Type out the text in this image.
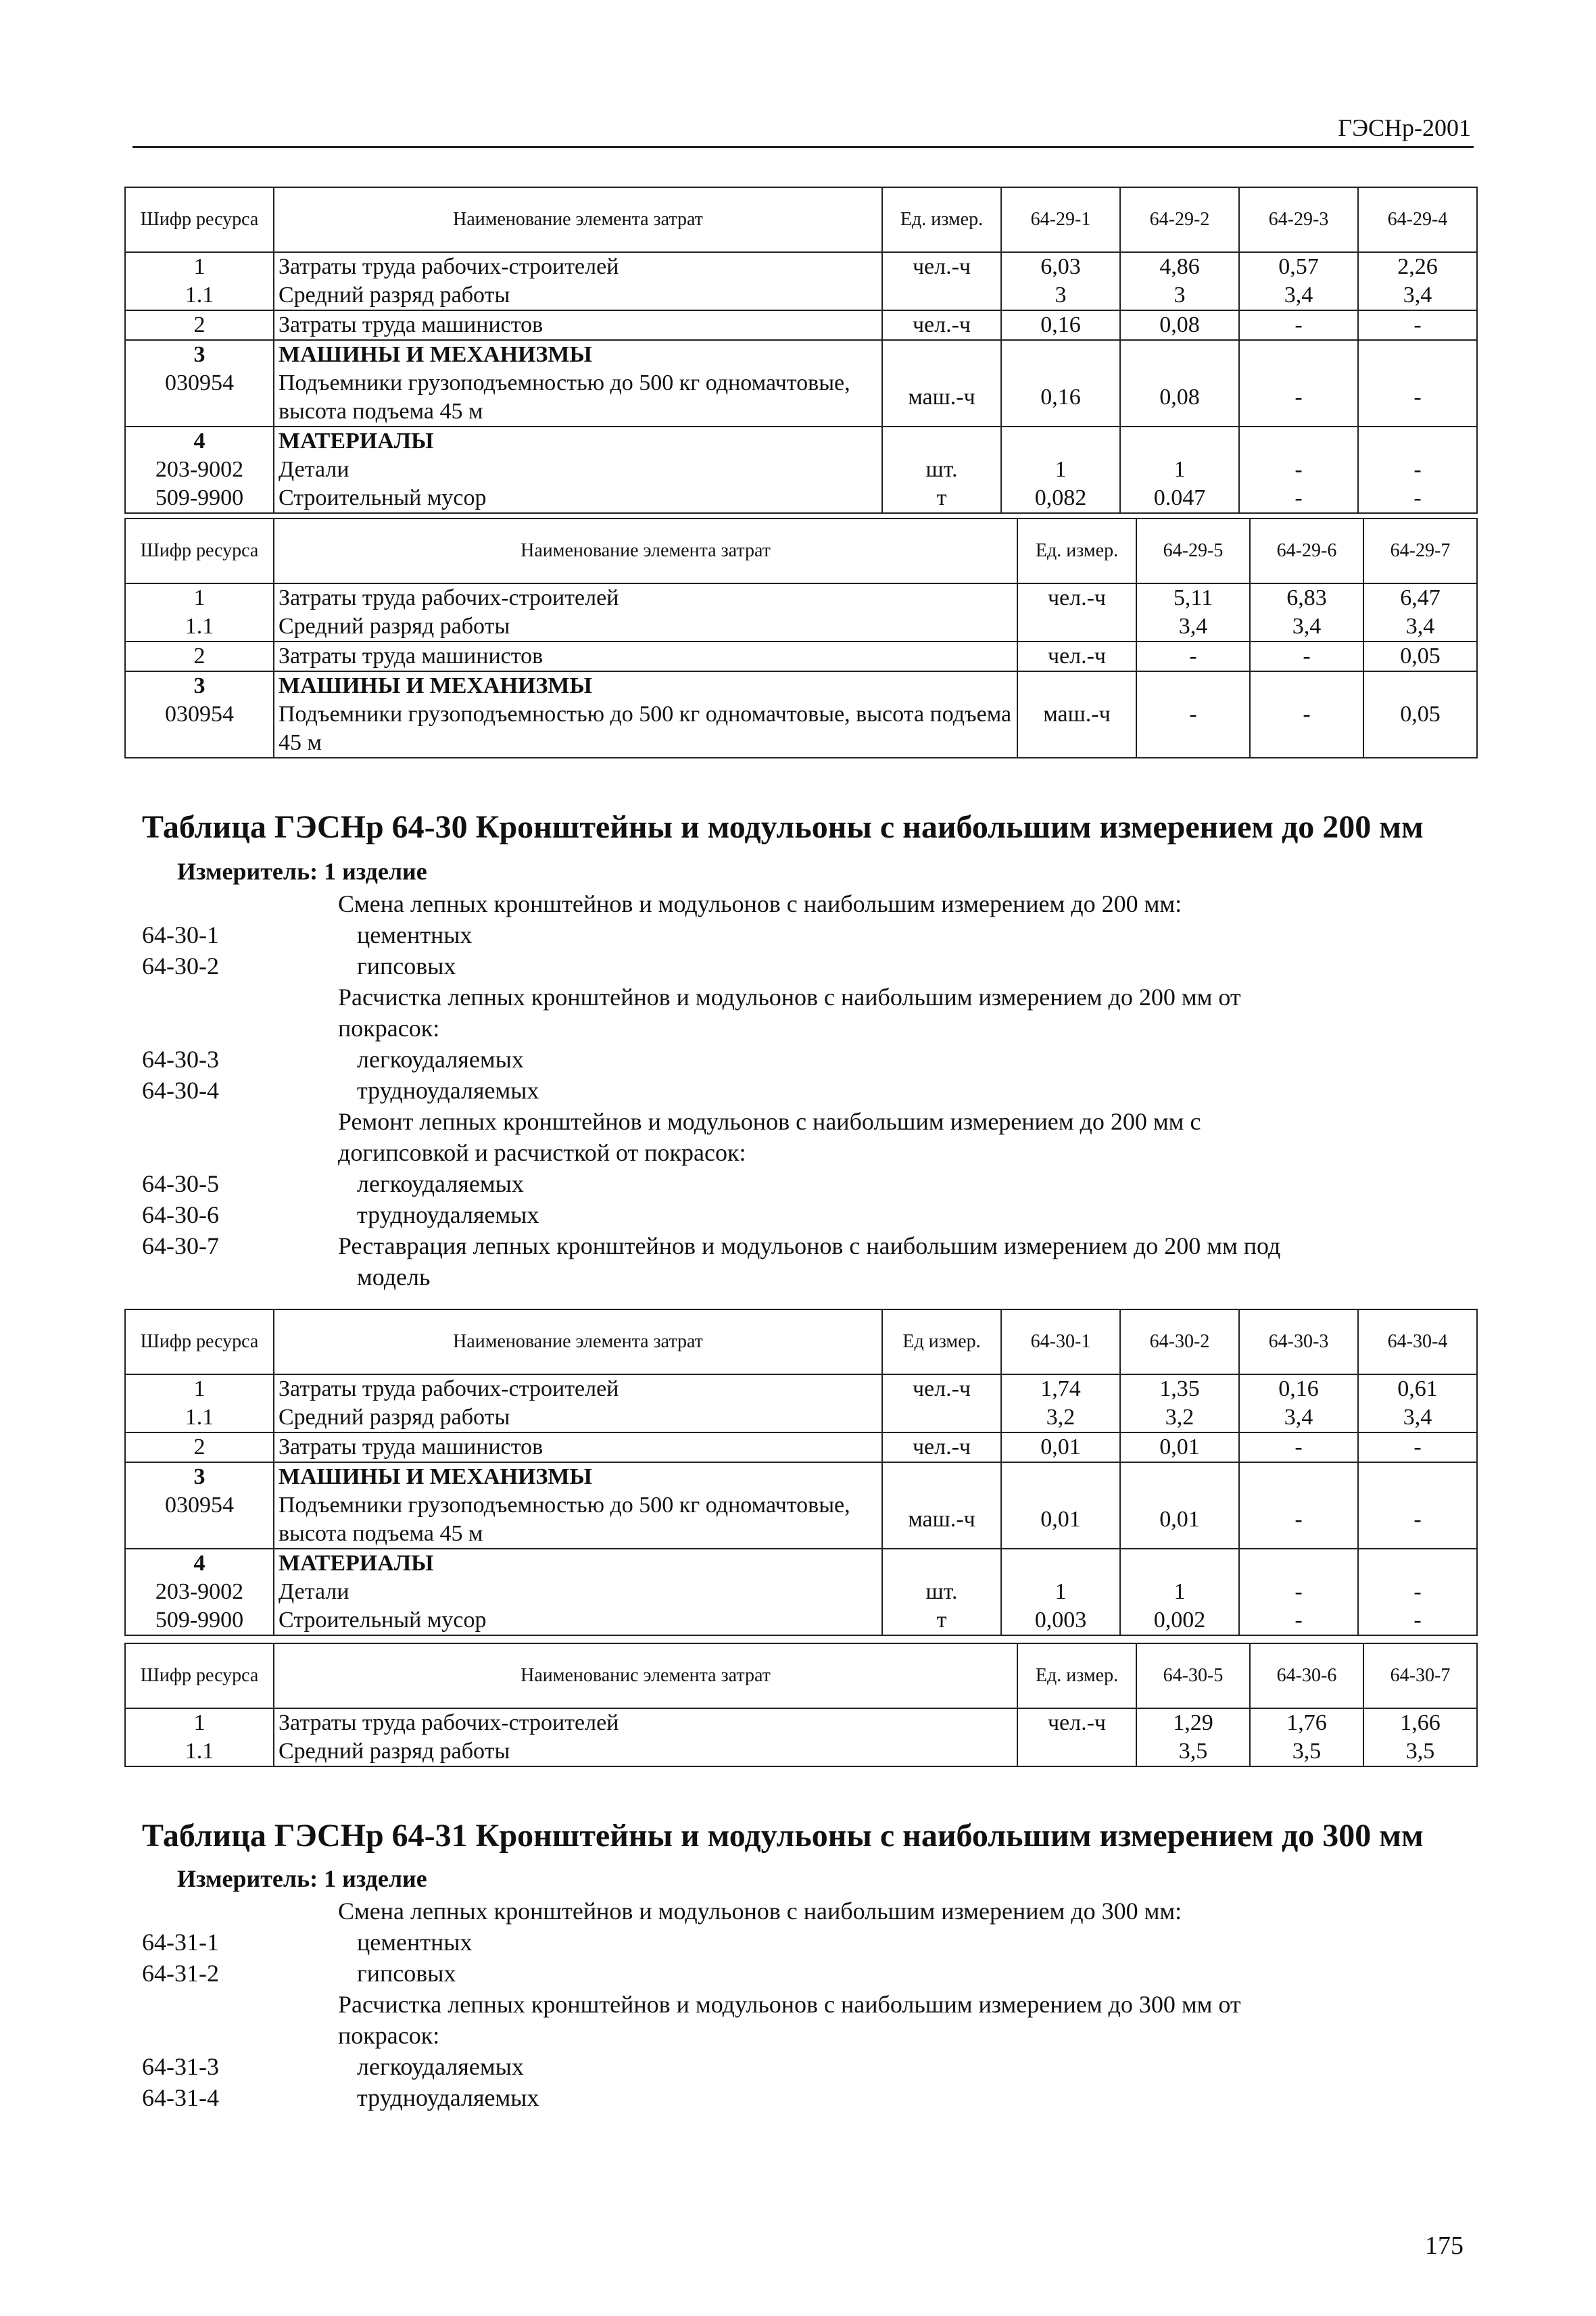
ГЭСНр-2001
Шифр ресурса	Наименование элемента затрат	Ед. измер.	64-29-1	64-29-2	64-29-3	64-29-4
1	Затраты труда рабочих-строителей	чел.-ч	6,03	4,86	0,57	2,26
1.1	Средний разряд работы		3	3	3,4	3,4
2	Затраты труда машинистов	чел.-ч	0,16	0,08	-	-
3	МАШИНЫ И МЕХАНИЗМЫ					
030954	Подъемники грузоподъемностью до 500 кг одномачтовые, высота подъема 45 м	маш.-ч	0,16	0,08	-	-
4	МАТЕРИАЛЫ					
203-9002	Детали	шт.	1	1	-	-
509-9900	Строительный мусор	т	0,082	0.047	-	-
Шифр ресурса	Наименование элемента затрат	Ед. измер.	64-29-5	64-29-6	64-29-7
1	Затраты труда рабочих-строителей	чел.-ч	5,11	6,83	6,47
1.1	Средний разряд работы		3,4	3,4	3,4
2	Затраты труда машинистов	чел.-ч	-	-	0,05
3	МАШИНЫ И МЕХАНИЗМЫ				
030954	Подъемники грузоподъемностью до 500 кг одномачтовые, высота подъема 45 м	маш.-ч	-	-	0,05
Таблица ГЭСНр 64-30 Кронштейны и модульоны с наибольшим измерением до 200 мм
Измеритель: 1 изделие
Смена лепных кронштейнов и модульонов с наибольшим измерением до 200 мм:
64-30-1	цементных
64-30-2	гипсовых
Расчистка лепных кронштейнов и модульонов с наибольшим измерением до 200 мм от
покрасок:
64-30-3	легкоудаляемых
64-30-4	трудноудаляемых
Ремонт лепных кронштейнов и модульонов с наибольшим измерением до 200 мм с
догипсовкой и расчисткой от покрасок:
64-30-5	легкоудаляемых
64-30-6	трудноудаляемых
64-30-7	Реставрация лепных кронштейнов и модульонов с наибольшим измерением до 200 мм под
модель
Шифр ресурса	Наименование элемента затрат	Ед измер.	64-30-1	64-30-2	64-30-3	64-30-4
1	Затраты труда рабочих-строителей	чел.-ч	1,74	1,35	0,16	0,61
1.1	Средний разряд работы		3,2	3,2	3,4	3,4
2	Затраты труда машинистов	чел.-ч	0,01	0,01	-	-
3	МАШИНЫ И МЕХАНИЗМЫ					
030954	Подъемники грузоподъемностью до 500 кг одномачтовые, высота подъема 45 м	маш.-ч	0,01	0,01	-	-
4	МАТЕРИАЛЫ					
203-9002	Детали	шт.	1	1	-	-
509-9900	Строительный мусор	т	0,003	0,002	-	-
Шифр ресурса	Наименованис элемента затрат	Ед. измер.	64-30-5	64-30-6	64-30-7
1	Затраты труда рабочих-строителей	чел.-ч	1,29	1,76	1,66
1.1	Средний разряд работы		3,5	3,5	3,5
Таблица ГЭСНр 64-31 Кронштейны и модульоны с наибольшим измерением до 300 мм
Измеритель: 1 изделие
Смена лепных кронштейнов и модульонов с наибольшим измерением до 300 мм:
64-31-1	цементных
64-31-2	гипсовых
Расчистка лепных кронштейнов и модульонов с наибольшим измерением до 300 мм от
покрасок:
64-31-3	легкоудаляемых
64-31-4	трудноудаляемых
175
